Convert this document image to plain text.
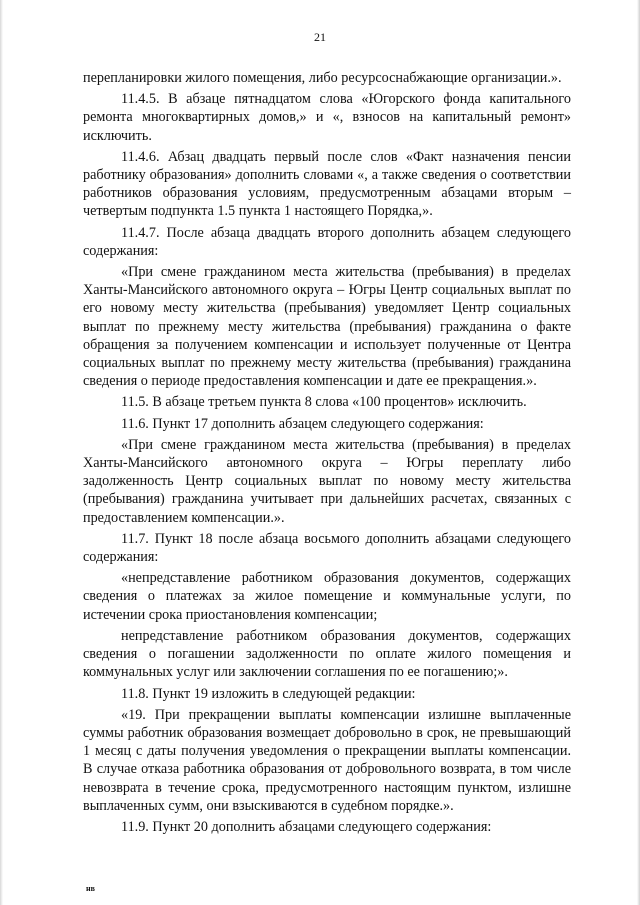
21

перепланировки жилого помещения, либо ресурсоснабжающие организации.».

11.4.5. В абзаце пятнадцатом слова «Югорского фонда капитального ремонта многоквартирных домов,» и «, взносов на капитальный ремонт» исключить.

11.4.6. Абзац двадцать первый после слов «Факт назначения пенсии работнику образования» дополнить словами «, а также сведения о соответствии работников образования условиям, предусмотренным абзацами вторым – четвертым подпункта 1.5 пункта 1 настоящего Порядка,».

11.4.7. После абзаца двадцать второго дополнить абзацем следующего содержания:

«При смене гражданином места жительства (пребывания) в пределах Ханты-Мансийского автономного округа – Югры Центр социальных выплат по его новому месту жительства (пребывания) уведомляет Центр социальных выплат по прежнему месту жительства (пребывания) гражданина о факте обращения за получением компенсации и использует полученные от Центра социальных выплат по прежнему месту жительства (пребывания) гражданина сведения о периоде предоставления компенсации и дате ее прекращения.».

11.5. В абзаце третьем пункта 8 слова «100 процентов» исключить.

11.6. Пункт 17 дополнить абзацем следующего содержания:

«При смене гражданином места жительства (пребывания) в пределах Ханты-Мансийского автономного округа – Югры переплату либо задолженность Центр социальных выплат по новому месту жительства (пребывания) гражданина учитывает при дальнейших расчетах, связанных с предоставлением компенсации.».

11.7. Пункт 18 после абзаца восьмого дополнить абзацами следующего содержания:

«непредставление работником образования документов, содержащих сведения о платежах за жилое помещение и коммунальные услуги, по истечении срока приостановления компенсации;

непредставление работником образования документов, содержащих сведения о погашении задолженности по оплате жилого помещения и коммунальных услуг или заключении соглашения по ее погашению;».

11.8. Пункт 19 изложить в следующей редакции:

«19. При прекращении выплаты компенсации излишне выплаченные суммы работник образования возмещает добровольно в срок, не превышающий 1 месяц с даты получения уведомления о прекращении выплаты компенсации. В случае отказа работника образования от добровольного возврата, в том числе невозврата в течение срока, предусмотренного настоящим пунктом, излишне выплаченных сумм, они взыскиваются в судебном порядке.».

11.9. Пункт 20 дополнить абзацами следующего содержания:

нв
